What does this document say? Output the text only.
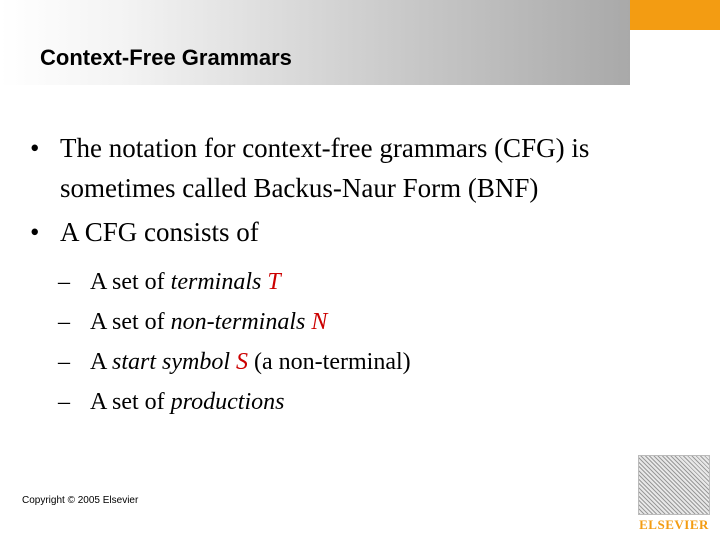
Context-Free Grammars
• The notation for context-free grammars (CFG) is sometimes called Backus-Naur Form (BNF)
• A CFG consists of
– A set of terminals T
– A set of non-terminals N
– A start symbol S (a non-terminal)
– A set of productions
Copyright © 2005 Elsevier
ELSEVIER
